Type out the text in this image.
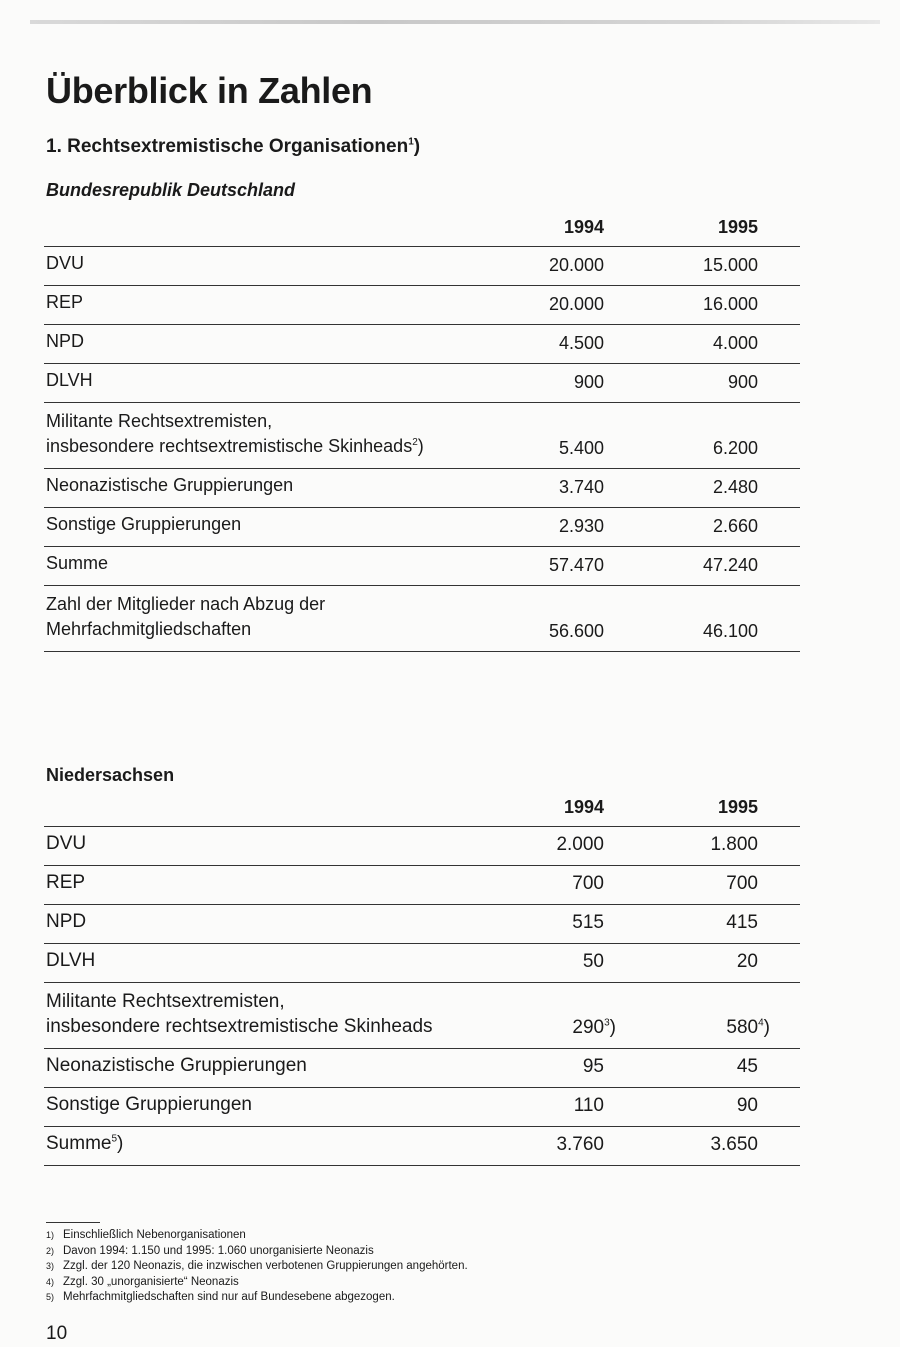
Überblick in Zahlen
1. Rechtsextremistische Organisationen$^1$)
Bundesrepublik Deutschland
	1994	1995
DVU	20.000	15.000
REP	20.000	16.000
NPD	4.500	4.000
DLVH	900	900
Militante Rechtsextremisten,
insbesondere rechtsextremistische Skinheads$^2$)	5.400	6.200
Neonazistische Gruppierungen	3.740	2.480
Sonstige Gruppierungen	2.930	2.660
Summe	57.470	47.240
Zahl der Mitglieder nach Abzug der
Mehrfachmitgliedschaften	56.600	46.100
Niedersachsen
	1994	1995
DVU	2.000	1.800
REP	700	700
NPD	515	415
DLVH	50	20
Militante Rechtsextremisten,
insbesondere rechtsextremistische Skinheads	$290^3$)	$580^4$)
Neonazistische Gruppierungen	95	45
Sonstige Gruppierungen	110	90
Summe$^5$)	3.760	3.650
1) Einschließlich Nebenorganisationen
2) Davon 1994: 1.150 und 1995: 1.060 unorganisierte Neonazis
3) Zzgl. der 120 Neonazis, die inzwischen verbotenen Gruppierungen angehörten.
4) Zzgl. 30 „unorganisierte“ Neonazis
5) Mehrfachmitgliedschaften sind nur auf Bundesebene abgezogen.
10
